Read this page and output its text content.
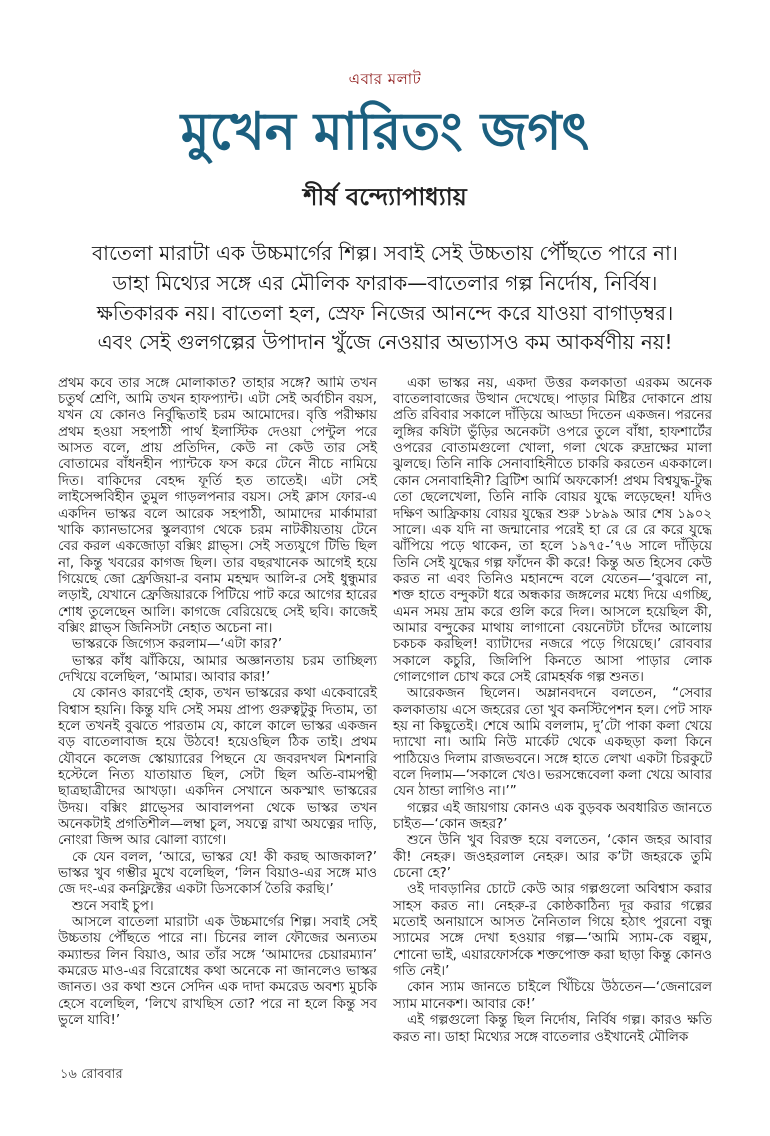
এবার মলাট
মুখেন মারিতং জগৎ
শীর্ষ বন্দ্যোপাধ্যায়
বাতেলা মারাটা এক উচ্চমার্গের শিল্প। সবাই সেই উচ্চতায় পৌঁছতে পারে না।
ডাহা মিথ্যের সঙ্গে এর মৌলিক ফারাক—বাতেলার গল্প নির্দোষ, নির্বিষ।
ক্ষতিকারক নয়। বাতেলা হল, স্রেফ নিজের আনন্দে করে যাওয়া বাগাড়ম্বর।
এবং সেই গুলগল্পের উপাদান খুঁজে নেওয়ার অভ্যাসও কম আকর্ষণীয় নয়!

প্রথম কবে তার সঙ্গে মোলাকাত? তাহার সঙ্গে? আমি তখন চতুর্থ শ্রেণি, আমি তখন হাফপ্যান্ট। এটা সেই অর্বাচীন বয়স, যখন যে কোনও নির্বুদ্ধিতাই চরম আমোদের। বৃত্তি পরীক্ষায় প্রথম হওয়া সহপাঠী পার্থ ইলাস্টিক দেওয়া পেন্টুল পরে আসত বলে, প্রায় প্রতিদিন, কেউ না কেউ তার সেই বোতামের বাঁধনহীন প্যান্টকে ফস করে টেনে নীচে নামিয়ে দিত। বাকিদের বেহদ্দ ফূর্তি হত তাতেই। এটা সেই লাইসেন্সবিহীন তুমুল গাড়লপনার বয়স। সেই ক্লাস ফোর-এ একদিন ভাস্কর বলে আরেক সহপাঠী, আমাদের মার্কামারা খাকি ক্যানভাসের স্কুলব্যাগ থেকে চরম নাটকীয়তায় টেনে বের করল একজোড়া বক্সিং গ্লাভ্স। সেই সত্যযুগে টিভি ছিল না, কিন্তু খবরের কাগজ ছিল। তার বছরখানেক আগেই হয়ে গিয়েছে জো ফ্রেজিয়া-র বনাম মহম্মদ আলি-র সেই ধুন্ধুমার লড়াই, যেখানে ফ্রেজিয়ারকে পিটিয়ে পাট করে আগের হারের শোধ তুলেছেন আলি। কাগজে বেরিয়েছে সেই ছবি। কাজেই বক্সিং গ্লাভ্স জিনিসটা নেহাত অচেনা না।

ভাস্করকে জিগ্যেস করলাম—‘এটা কার?’

ভাস্কর কাঁধ ঝাঁকিয়ে, আমার অজ্ঞানতায় চরম তাচ্ছিল্য দেখিয়ে বলেছিল, ‘আমার। আবার কার!’

যে কোনও কারণেই হোক, তখন ভাস্করের কথা একেবারেই বিশ্বাস হয়নি। কিন্তু যদি সেই সময় প্রাপ্য গুরুত্বটুকু দিতাম, তা হলে তখনই বুঝতে পারতাম যে, কালে কালে ভাস্কর একজন বড় বাতেলাবাজ হয়ে উঠবে! হয়েওছিল ঠিক তাই। প্রথম যৌবনে কলেজ স্কোয়্যারের পিছনে যে জবরদখল মিশনারি হস্টেলে নিত্য যাতায়াত ছিল, সেটা ছিল অতি-বামপন্থী ছাত্রছাত্রীদের আখড়া। একদিন সেখানে অকস্মাৎ ভাস্করের উদয়। বক্সিং গ্লাভ্সের আবালপনা থেকে ভাস্কর তখন অনেকটাই প্রগতিশীল—লম্বা চুল, সযত্নে রাখা অযত্নের দাড়ি, নোংরা জিন্স আর ঝোলা ব্যাগে।

কে যেন বলল, ‘আরে, ভাস্কর যে! কী করছ আজকাল?’ ভাস্কর খুব গম্ভীর মুখে বলেছিল, ‘লিন বিয়াও-এর সঙ্গে মাও জে দং-এর কনফ্লিক্টের একটা ডিসকোর্স তৈরি করছি।’

শুনে সবাই চুপ।

আসলে বাতেলা মারাটা এক উচ্চমার্গের শিল্প। সবাই সেই উচ্চতায় পৌঁছতে পারে না। চিনের লাল ফৌজের অন্যতম কম্যান্ডর লিন বিয়াও, আর তাঁর সঙ্গে ‘আমাদের চেয়ারম্যান’ কমরেড মাও-এর বিরোধের কথা অনেকে না জানলেও ভাস্কর জানত। ওর কথা শুনে সেদিন এক দাদা কমরেড অবশ্য মুচকি হেসে বলেছিল, ‘লিখে রাখছিস তো? পরে না হলে কিন্তু সব ভুলে যাবি!’

একা ভাস্কর নয়, একদা উত্তর কলকাতা এরকম অনেক বাতেলাবাজের উত্থান দেখেছে। পাড়ার মিষ্টির দোকানে প্রায় প্রতি রবিবার সকালে দাঁড়িয়ে আড্ডা দিতেন একজন। পরনের লুঙ্গির কষিটা ভুঁড়ির অনেকটা ওপরে তুলে বাঁধা, হাফশার্টের ওপরের বোতামগুলো খোলা, গলা থেকে রুদ্রাক্ষের মালা ঝুলছে। তিনি নাকি সেনাবাহিনীতে চাকরি করতেন এককালে। কোন সেনাবাহিনী? ব্রিটিশ আর্মি অফকোর্স! প্রথম বিশ্বযুদ্ধ-টুদ্ধ তো ছেলেখেলা, তিনি নাকি বোয়র যুদ্ধে লড়েছেন! যদিও দক্ষিণ আফ্রিকায় বোয়র যুদ্ধের শুরু ১৮৯৯ আর শেষ ১৯০২ সালে। এক যদি না জন্মানোর পরেই হা রে রে রে করে যুদ্ধে ঝাঁপিয়ে পড়ে থাকেন, তা হলে ১৯৭৫-’৭৬ সালে দাঁড়িয়ে তিনি সেই যুদ্ধের গল্প ফাঁদেন কী করে! কিন্তু অত হিসেব কেউ করত না এবং তিনিও মহানন্দে বলে যেতেন—‘বুঝলে না, শক্ত হাতে বন্দুকটা ধরে অন্ধকার জঙ্গলের মধ্যে দিয়ে এগচ্ছি, এমন সময় দ্রাম করে গুলি করে দিল। আসলে হয়েছিল কী, আমার বন্দুকের মাথায় লাগানো বেয়নেটটা চাঁদের আলোয় চকচক করছিল! ব্যাটাদের নজরে পড়ে গিয়েছে।’ রোববার সকালে কচুরি, জিলিপি কিনতে আসা পাড়ার লোক গোলগোল চোখ করে সেই রোমহর্ষক গল্প শুনত।

আরেকজন ছিলেন। অম্লানবদনে বলতেন, “সেবার কলকাতায় এসে জহরের তো খুব কনস্টিপেশন হল। পেট সাফ হয় না কিছুতেই। শেষে আমি বললাম, দু’টো পাকা কলা খেয়ে দ্যাখো না। আমি নিউ মার্কেট থেকে একছড়া কলা কিনে পাঠিয়েও দিলাম রাজভবনে। সঙ্গে হাতে লেখা একটা চিরকুটে বলে দিলাম—‘সকালে খেও। ভরসন্ধেবেলা কলা খেয়ে আবার যেন ঠান্ডা লাগিও না।’”

গল্পের এই জায়গায় কোনও এক বুড়বক অবধারিত জানতে চাইত—‘কোন জহর?’

শুনে উনি খুব বিরক্ত হয়ে বলতেন, ‘কোন জহর আবার কী! নেহরু। জওহরলাল নেহরু। আর ক’টা জহরকে তুমি চেনো হে?’

ওই দাবড়ানির চোটে কেউ আর গল্পগুলো অবিশ্বাস করার সাহস করত না। নেহরু-র কোষ্ঠকাঠিন্য দূর করার গল্পের মতোই অনায়াসে আসত নৈনিতাল গিয়ে হঠাৎ পুরনো বন্ধু স্যামের সঙ্গে দেখা হওয়ার গল্প—‘আমি স্যাম-কে বল্লুম, শোনো ভাই, এয়ারফোর্সকে শক্তপোক্ত করা ছাড়া কিন্তু কোনও গতি নেই।’

কোন স্যাম জানতে চাইলে খিঁচিয়ে উঠতেন—‘জেনারেল স্যাম মানেকশ। আবার কে!’

এই গল্পগুলো কিন্তু ছিল নির্দোষ, নির্বিষ গল্প। কারও ক্ষতি করত না। ডাহা মিথ্যের সঙ্গে বাতেলার ওইখানেই মৌলিক

১৬ রোববার
